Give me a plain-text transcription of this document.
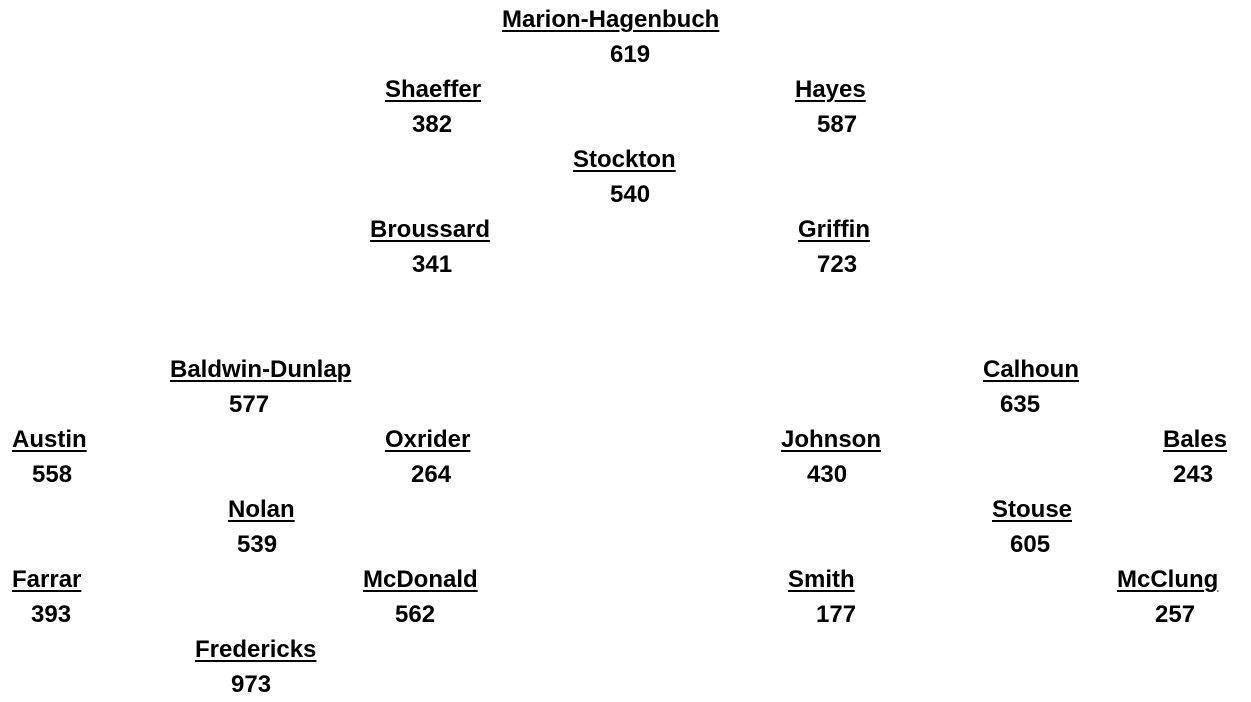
Marion-Hagenbuch
619
Shaeffer
382
Hayes
587
Stockton
540
Broussard
341
Griffin
723
Baldwin-Dunlap
577
Austin
558
Oxrider
264
Nolan
539
Farrar
393
McDonald
562
Fredericks
973
Calhoun
635
Johnson
430
Bales
243
Stouse
605
Smith
177
McClung
257
